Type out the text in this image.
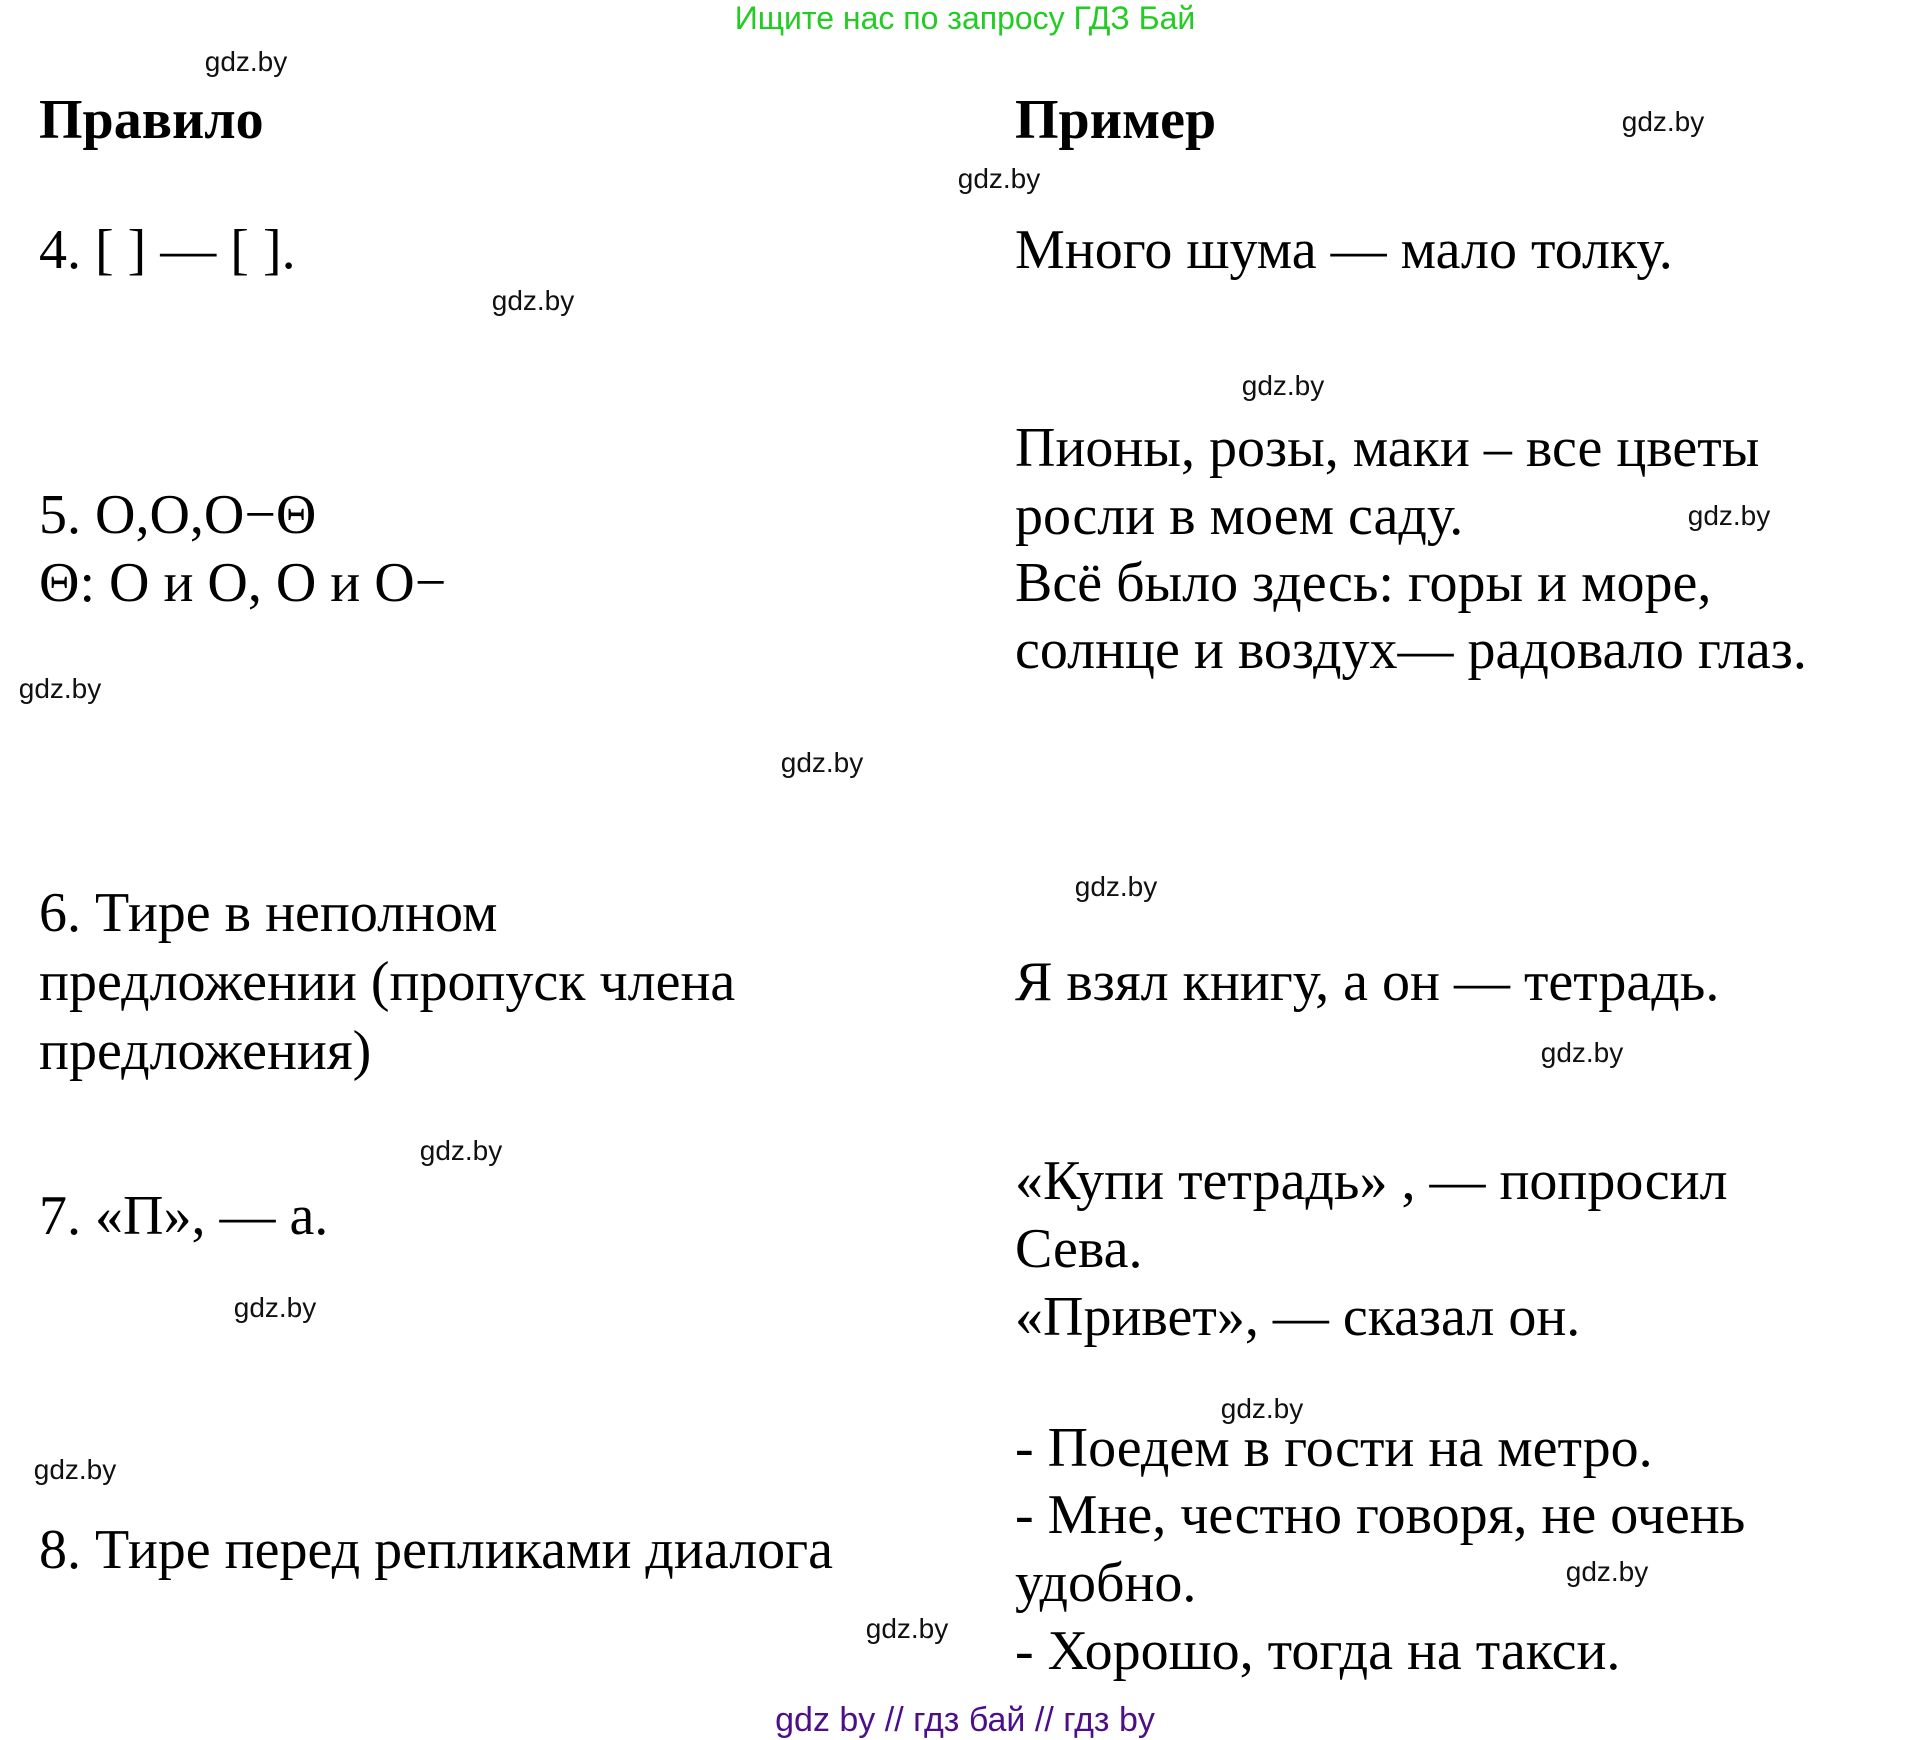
Ищите нас по запросу ГДЗ Бай
Правило	Пример
4. [ ] — [ ].
5. O,O,O−Θ
Θ: O и O, O и O−
6. Тире в неполном
предложении (пропуск члена
предложения)
7. «П», — а.
8. Тире перед репликами диалога
Много шума — мало толку.
Пионы, розы, маки – все цветы
росли в моем саду.
Всё было здесь: горы и море,
солнце и воздух— радовало глаз.
Я взял книгу, а он — тетрадь.
«Купи тетрадь» , — попросил
Сева.
«Привет», — сказал он.
- Поедем в гости на метро.
- Мне, честно говоря, не очень
удобно.
- Хорошо, тогда на такси.
gdz.by
gdz.by
gdz.by
gdz.by
gdz.by
gdz.by
gdz.by
gdz.by
gdz.by
gdz.by
gdz.by
gdz.by
gdz.by
gdz.by
gdz.by
gdz.by
gdz by // гдз бай // гдз by
